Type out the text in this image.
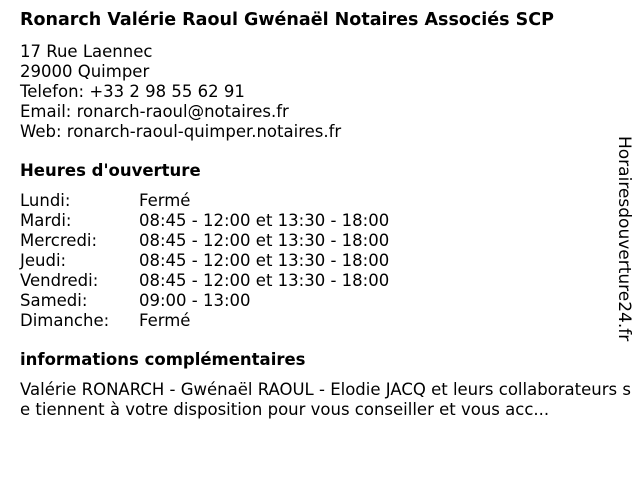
Ronarch Valérie Raoul Gwénaël Notaires Associés SCP
17 Rue Laennec
29000 Quimper
Telefon: +33 2 98 55 62 91
Email: ronarch-raoul@notaires.fr
Web: ronarch-raoul-quimper.notaires.fr
Heures d'ouverture
Lundi:	Fermé
Mardi:	08:45 - 12:00 et 13:30 - 18:00
Mercredi:	08:45 - 12:00 et 13:30 - 18:00
Jeudi:	08:45 - 12:00 et 13:30 - 18:00
Vendredi:	08:45 - 12:00 et 13:30 - 18:00
Samedi:	09:00 - 13:00
Dimanche:	Fermé
informations complémentaires
Valérie RONARCH - Gwénaël RAOUL - Elodie JACQ et leurs collaborateurs se tiennent à votre disposition pour vous conseiller et vous acc...
Horairesdouverture24.fr
